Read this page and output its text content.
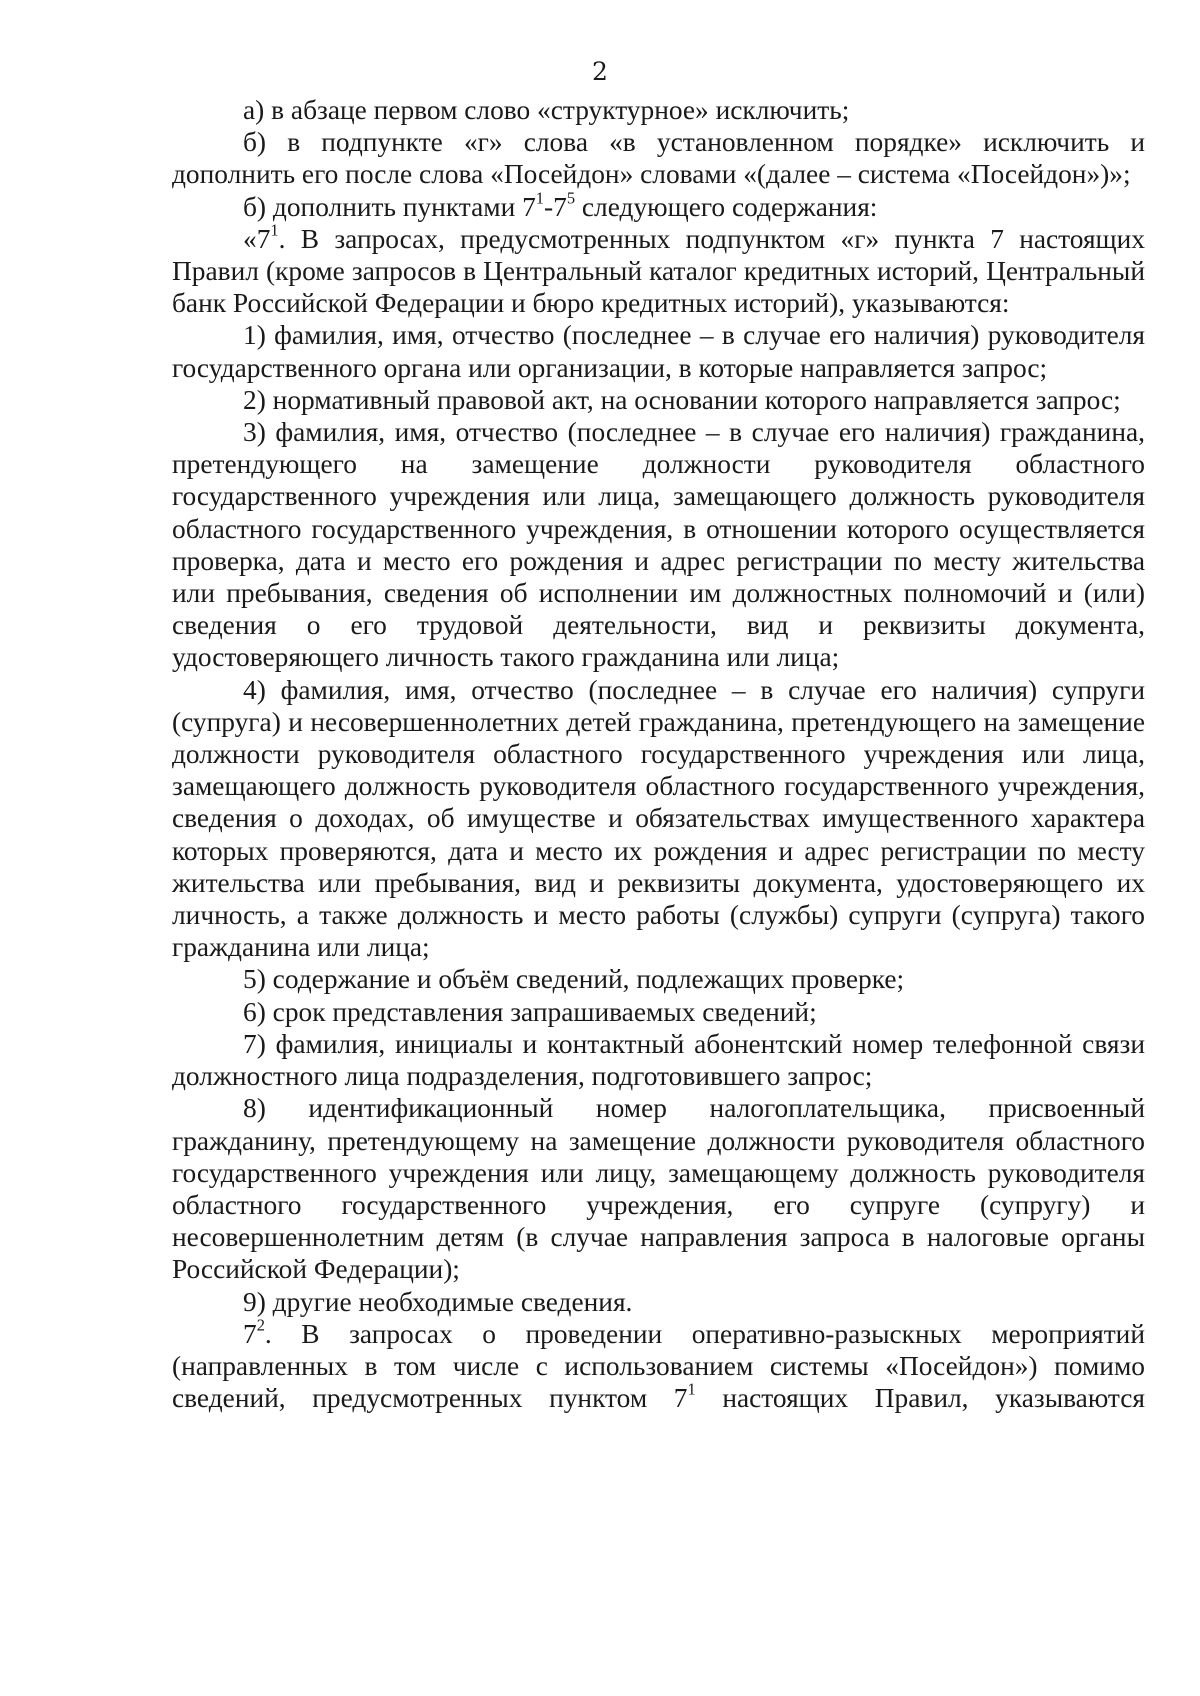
2

а) в абзаце первом слово «структурное» исключить;

б) в подпункте «г» слова «в установленном порядке» исключить и дополнить его после слова «Посейдон» словами «(далее – система «Посейдон»)»;

б) дополнить пунктами $7^1-7^5$ следующего содержания:

«$7^1$. В запросах, предусмотренных подпунктом «г» пункта 7 настоящих Правил (кроме запросов в Центральный каталог кредитных историй, Центральный банк Российской Федерации и бюро кредитных историй), указываются:

1) фамилия, имя, отчество (последнее – в случае его наличия) руководителя государственного органа или организации, в которые направляется запрос;

2) нормативный правовой акт, на основании которого направляется запрос;

3) фамилия, имя, отчество (последнее – в случае его наличия) гражданина, претендующего на замещение должности руководителя областного государственного учреждения или лица, замещающего должность руководителя областного государственного учреждения, в отношении которого осуществляется проверка, дата и место его рождения и адрес регистрации по месту жительства или пребывания, сведения об исполнении им должностных полномочий и (или) сведения о его трудовой деятельности, вид и реквизиты документа, удостоверяющего личность такого гражданина или лица;

4) фамилия, имя, отчество (последнее – в случае его наличия) супруги (супруга) и несовершеннолетних детей гражданина, претендующего на замещение должности руководителя областного государственного учреждения или лица, замещающего должность руководителя областного государственного учреждения, сведения о доходах, об имуществе и обязательствах имущественного характера которых проверяются, дата и место их рождения и адрес регистрации по месту жительства или пребывания, вид и реквизиты документа, удостоверяющего их личность, а также должность и место работы (службы) супруги (супруга) такого гражданина или лица;

5) содержание и объём сведений, подлежащих проверке;

6) срок представления запрашиваемых сведений;

7) фамилия, инициалы и контактный абонентский номер телефонной связи должностного лица подразделения, подготовившего запрос;

8) идентификационный номер налогоплательщика, присвоенный гражданину, претендующему на замещение должности руководителя областного государственного учреждения или лицу, замещающему должность руководителя областного государственного учреждения, его супруге (супругу) и несовершеннолетним детям (в случае направления запроса в налоговые органы Российской Федерации);

9) другие необходимые сведения.

$7^2$. В запросах о проведении оперативно-разыскных мероприятий (направленных в том числе с использованием системы «Посейдон») помимо сведений, предусмотренных пунктом $7^1$ настоящих Правил, указываются
